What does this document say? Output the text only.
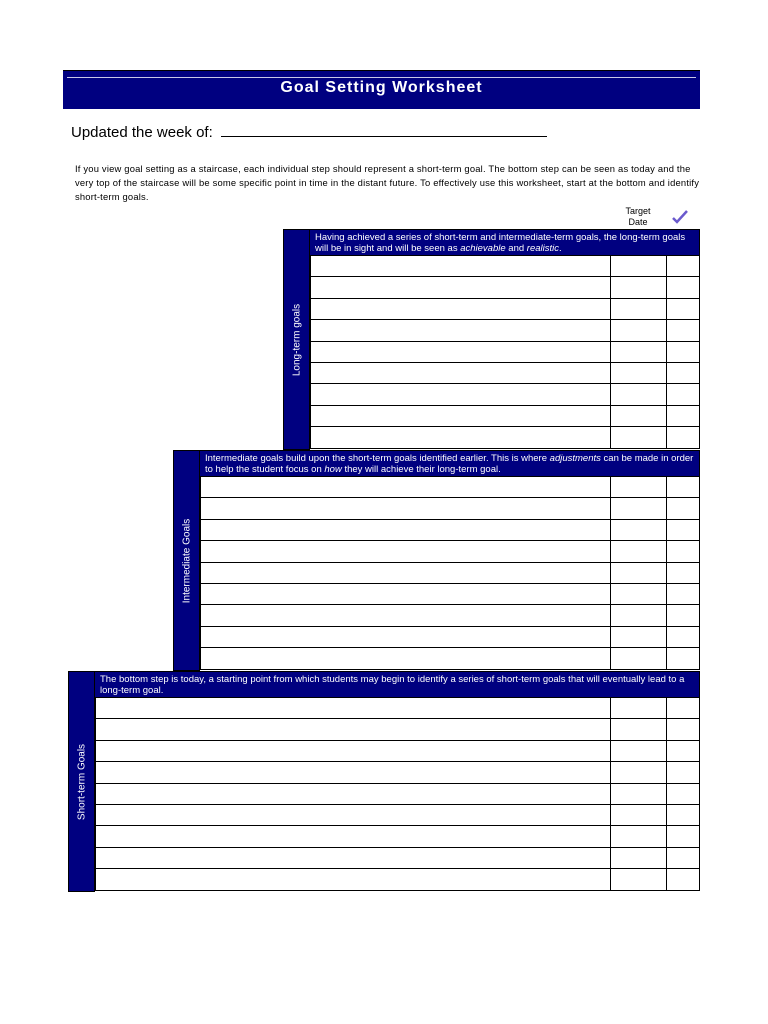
Goal Setting Worksheet
Updated the week of:
If you view goal setting as a staircase, each individual step should represent a short-term goal. The bottom step can be seen as today and the very top of the staircase will be some specific point in time in the distant future. To effectively use this worksheet, start at the bottom and identify short-term goals.
Target Date
Long-term goals
Having achieved a series of short-term and intermediate-term goals, the long-term goals will be in sight and will be seen as achievable and realistic.
Intermediate Goals
Intermediate goals build upon the short-term goals identified earlier. This is where adjustments can be made in order to help the student focus on how they will achieve their long-term goal.
Short-term Goals
The bottom step is today, a starting point from which students may begin to identify a series of short-term goals that will eventually lead to a long-term goal.
